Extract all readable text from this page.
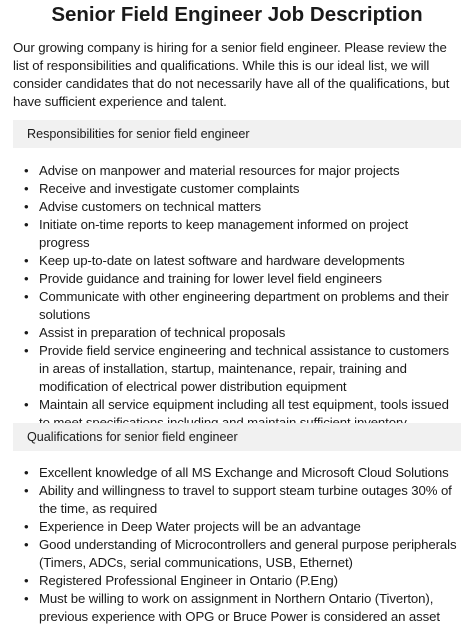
Senior Field Engineer Job Description

Our growing company is hiring for a senior field engineer. Please review the list of responsibilities and qualifications. While this is our ideal list, we will consider candidates that do not necessarily have all of the qualifications, but have sufficient experience and talent.

Responsibilities for senior field engineer
• Advise on manpower and material resources for major projects
• Receive and investigate customer complaints
• Advise customers on technical matters
• Initiate on-time reports to keep management informed on project progress
• Keep up-to-date on latest software and hardware developments
• Provide guidance and training for lower level field engineers
• Communicate with other engineering department on problems and their solutions
• Assist in preparation of technical proposals
• Provide field service engineering and technical assistance to customers in areas of installation, startup, maintenance, repair, training and modification of electrical power distribution equipment
• Maintain all service equipment including all test equipment, tools issued
Qualifications for senior field engineer
• Excellent knowledge of all MS Exchange and Microsoft Cloud Solutions
• Ability and willingness to travel to support steam turbine outages 30% of the time, as required
• Experience in Deep Water projects will be an advantage
• Good understanding of Microcontrollers and general purpose peripherals (Timers, ADCs, serial communications, USB, Ethernet)
• Registered Professional Engineer in Ontario (P.Eng)
• Must be willing to work on assignment in Northern Ontario (Tiverton), previous experience with OPG or Bruce Power is considered an asset
